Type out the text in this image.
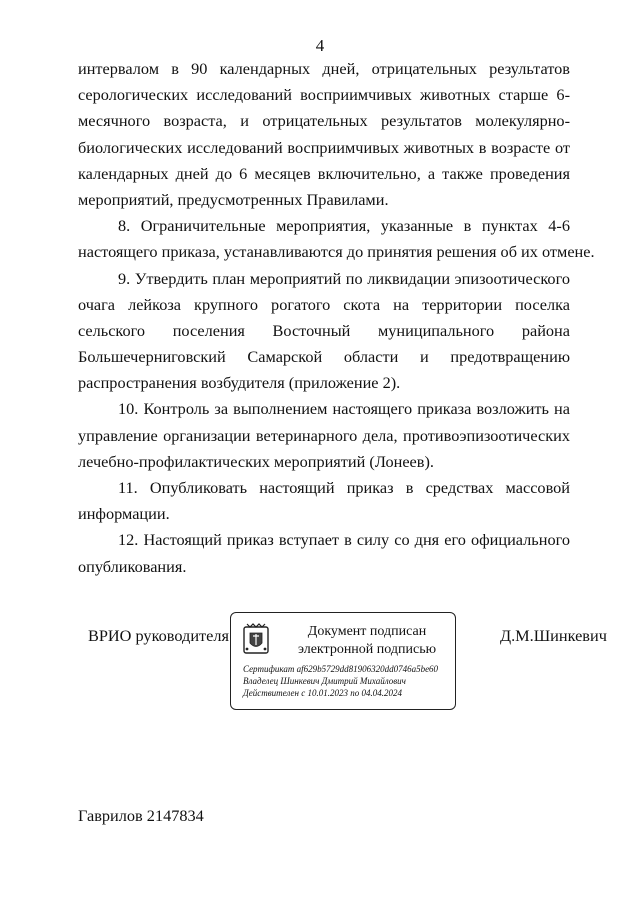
4
интервалом в 90 календарных дней, отрицательных результатов
серологических исследований восприимчивых животных старше 6-
месячного возраста, и отрицательных результатов молекулярно-
биологических исследований восприимчивых животных в возрасте от
календарных дней до 6 месяцев включительно, а также проведения
мероприятий, предусмотренных Правилами.
8. Ограничительные мероприятия, указанные в пунктах 4-6
настоящего приказа, устанавливаются до принятия решения об их отмене.
9. Утвердить план мероприятий по ликвидации эпизоотического
очага лейкоза крупного рогатого скота на территории поселка
сельского поселения Восточный муниципального района
Большечерниговский Самарской области и предотвращению
распространения возбудителя (приложение 2).
10. Контроль за выполнением настоящего приказа возложить на
управление организации ветеринарного дела, противоэпизоотических
лечебно-профилактических мероприятий (Лонеев).
11. Опубликовать настоящий приказ в средствах массовой
информации.
12. Настоящий приказ вступает в силу со дня его официального
опубликования.
ВРИО руководителя	Документ подписан
электронной подписью
Сертификат af629b5729dd81906320dd0746a5be60
Владелец Шинкевич Дмитрий Михайлович
Действителен с 10.01.2023 по 04.04.2024
Д.М.Шинкевич
Гаврилов 2147834
